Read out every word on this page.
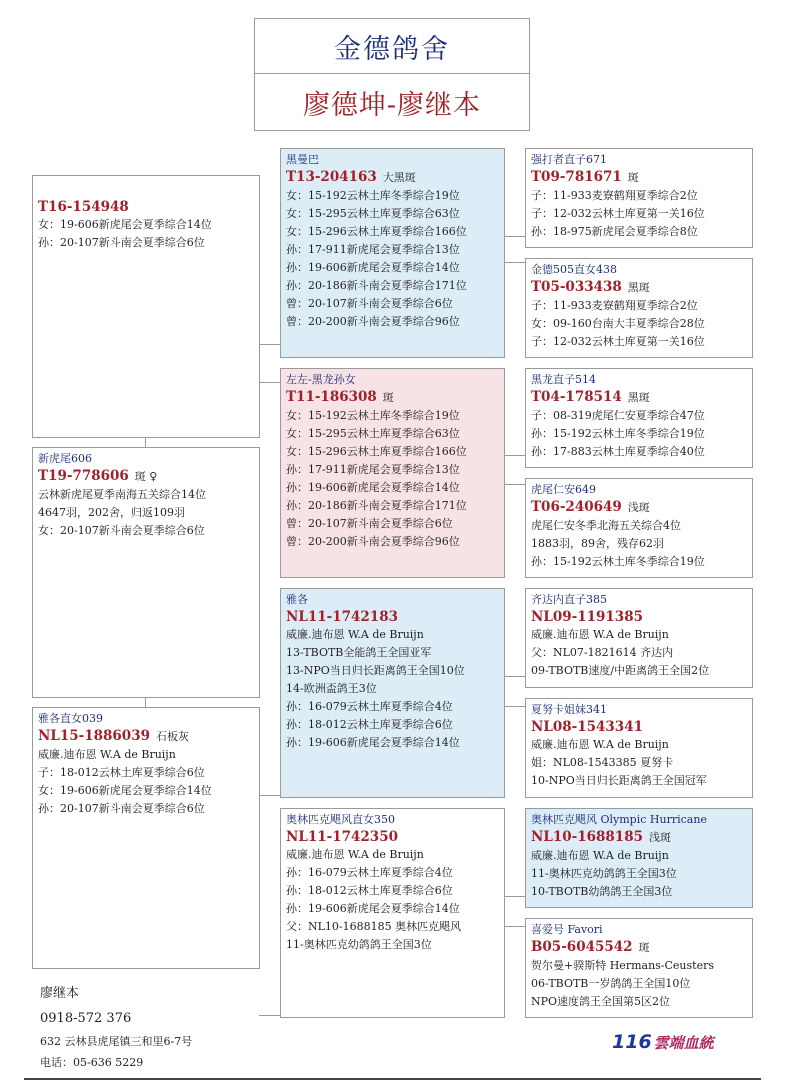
金德鸽舍
廖德坤-廖继本
T16-154948
女：19-606新虎尾会夏季综合14位
孙：20-107新斗南会夏季综合6位
新虎尾606
T19-778606 斑 ♀
云林新虎尾夏季南海五关综合14位
4647羽，202舍，归返109羽
女：20-107新斗南会夏季综合6位
雅各直女039
NL15-1886039 石板灰
威廉.迪布恩 W.A de Bruijn
子：18-012云林土库夏季综合6位
女：19-606新虎尾会夏季综合14位
孙：20-107新斗南会夏季综合6位
黑曼巴
T13-204163 大黑斑
女：15-192云林土库冬季综合19位
女：15-295云林土库夏季综合63位
女：15-296云林土库夏季综合166位
孙：17-911新虎尾会夏季综合13位
孙：19-606新虎尾会夏季综合14位
孙：20-186新斗南会夏季综合171位
曾：20-107新斗南会夏季综合6位
曾：20-200新斗南会夏季综合96位
左左-黑龙孙女
T11-186308 斑
女：15-192云林土库冬季综合19位
女：15-295云林土库夏季综合63位
女：15-296云林土库夏季综合166位
孙：17-911新虎尾会夏季综合13位
孙：19-606新虎尾会夏季综合14位
孙：20-186新斗南会夏季综合171位
曾：20-107新斗南会夏季综合6位
曾：20-200新斗南会夏季综合96位
雅各
NL11-1742183
威廉.迪布恩 W.A de Bruijn
13-TBOTB全能鸽王全国亚军
13-NPO当日归长距离鸽王全国10位
14-欧洲盃鸽王3位
孙：16-079云林土库夏季综合4位
孙：18-012云林土库夏季综合6位
孙：19-606新虎尾会夏季综合14位
奥林匹克飓风直女350
NL11-1742350
威廉.迪布恩 W.A de Bruijn
孙：16-079云林土库夏季综合4位
孙：18-012云林土库夏季综合6位
孙：19-606新虎尾会夏季综合14位
父：NL10-1688185 奥林匹克飓风
11-奥林匹克幼鸽鸽王全国3位
强打者直子671
T09-781671 斑
子：11-933麦寮鹤翔夏季综合2位
子：12-032云林土库夏第一关16位
孙：18-975新虎尾会夏季综合8位
金德505直女438
T05-033438 黑斑
子：11-933麦寮鹤翔夏季综合2位
女：09-160台南大丰夏季综合28位
子：12-032云林土库夏第一关16位
黑龙直子514
T04-178514 黑斑
子：08-319虎尾仁安夏季综合47位
孙：15-192云林土库冬季综合19位
孙：17-883云林土库夏季综合40位
虎尾仁安649
T06-240649 浅斑
虎尾仁安冬季北海五关综合4位
1883羽，89舍，残存62羽
孙：15-192云林土库冬季综合19位
齐达内直子385
NL09-1191385
威廉.迪布恩 W.A de Bruijn
父：NL07-1821614 齐达内
09-TBOTB速度/中距离鸽王全国2位
夏努卡姐妹341
NL08-1543341
威廉.迪布恩 W.A de Bruijn
姐：NL08-1543385 夏努卡
10-NPO当日归长距离鸽王全国冠军
奥林匹克飓风 Olympic Hurricane
NL10-1688185 浅斑
威廉.迪布恩 W.A de Bruijn
11-奥林匹克幼鸽鸽王全国3位
10-TBOTB幼鸽鸽王全国3位
喜爱号 Favori
B05-6045542 斑
贺尔曼+骙斯特 Hermans-Ceusters
06-TBOTB一岁鸽鸽王全国10位
NPO速度鸽王全国第5区2位
廖继本
0918-572 376
632 云林县虎尾镇三和里6-7号
电话：05-636 5229
116 雲端血統
